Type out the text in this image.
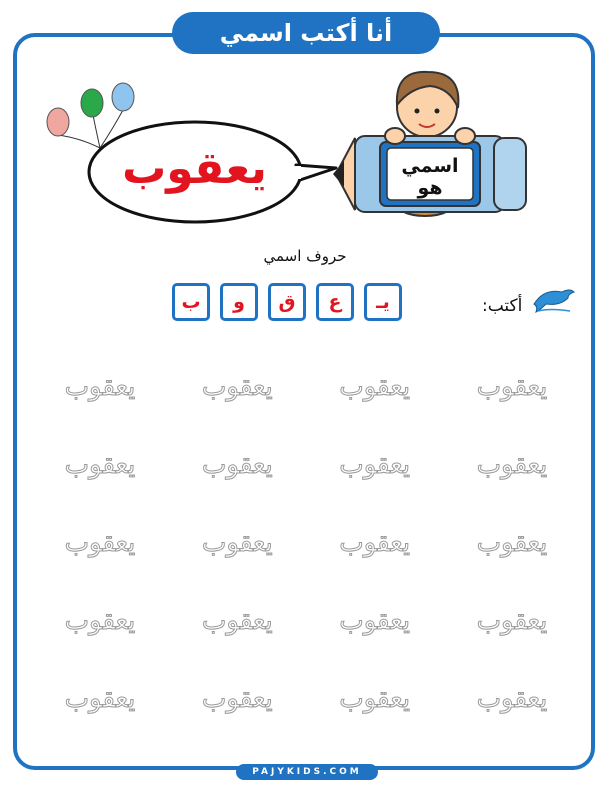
أنا أكتب اسمي
يعقوب	اسمي هو
حروف اسمي
يـ
ع
ق
و
ب	أكتب:
يعقوب
يعقوب
يعقوب
يعقوب
يعقوب
يعقوب
يعقوب
يعقوب
يعقوب
يعقوب
يعقوب
يعقوب
يعقوب
يعقوب
يعقوب
يعقوب
يعقوب
يعقوب
يعقوب
يعقوب
PAJYKIDS.COM
